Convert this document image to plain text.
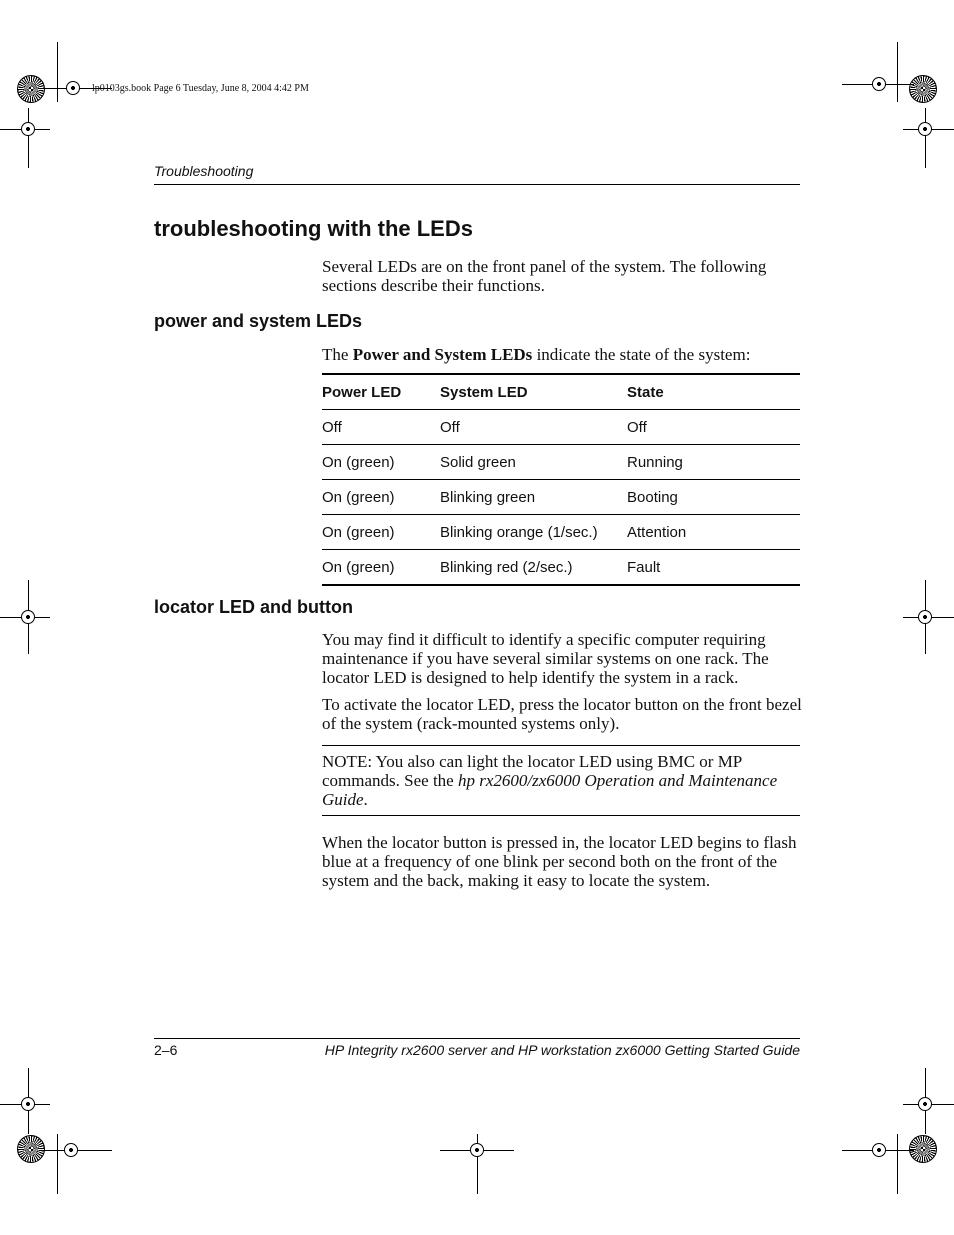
lp0103gs.book Page 6 Tuesday, June 8, 2004 4:42 PM
Troubleshooting
troubleshooting with the LEDs

Several LEDs are on the front panel of the system. The following sections describe their functions.

power and system LEDs

The Power and System LEDs indicate the state of the system:

Power LED	System LED	State
Off	Off	Off
On (green)	Solid green	Running
On (green)	Blinking green	Booting
On (green)	Blinking orange (1/sec.)	Attention
On (green)	Blinking red (2/sec.)	Fault
locator LED and button

You may find it difficult to identify a specific computer requiring maintenance if you have several similar systems on one rack. The locator LED is designed to help identify the system in a rack.

To activate the locator LED, press the locator button on the front bezel of the system (rack-mounted systems only).

NOTE: You also can light the locator LED using BMC or MP commands. See the hp rx2600/zx6000 Operation and Maintenance Guide.

When the locator button is pressed in, the locator LED begins to flash blue at a frequency of one blink per second both on the front of the system and the back, making it easy to locate the system.

2–6	HP Integrity rx2600 server and HP workstation zx6000 Getting Started Guide
